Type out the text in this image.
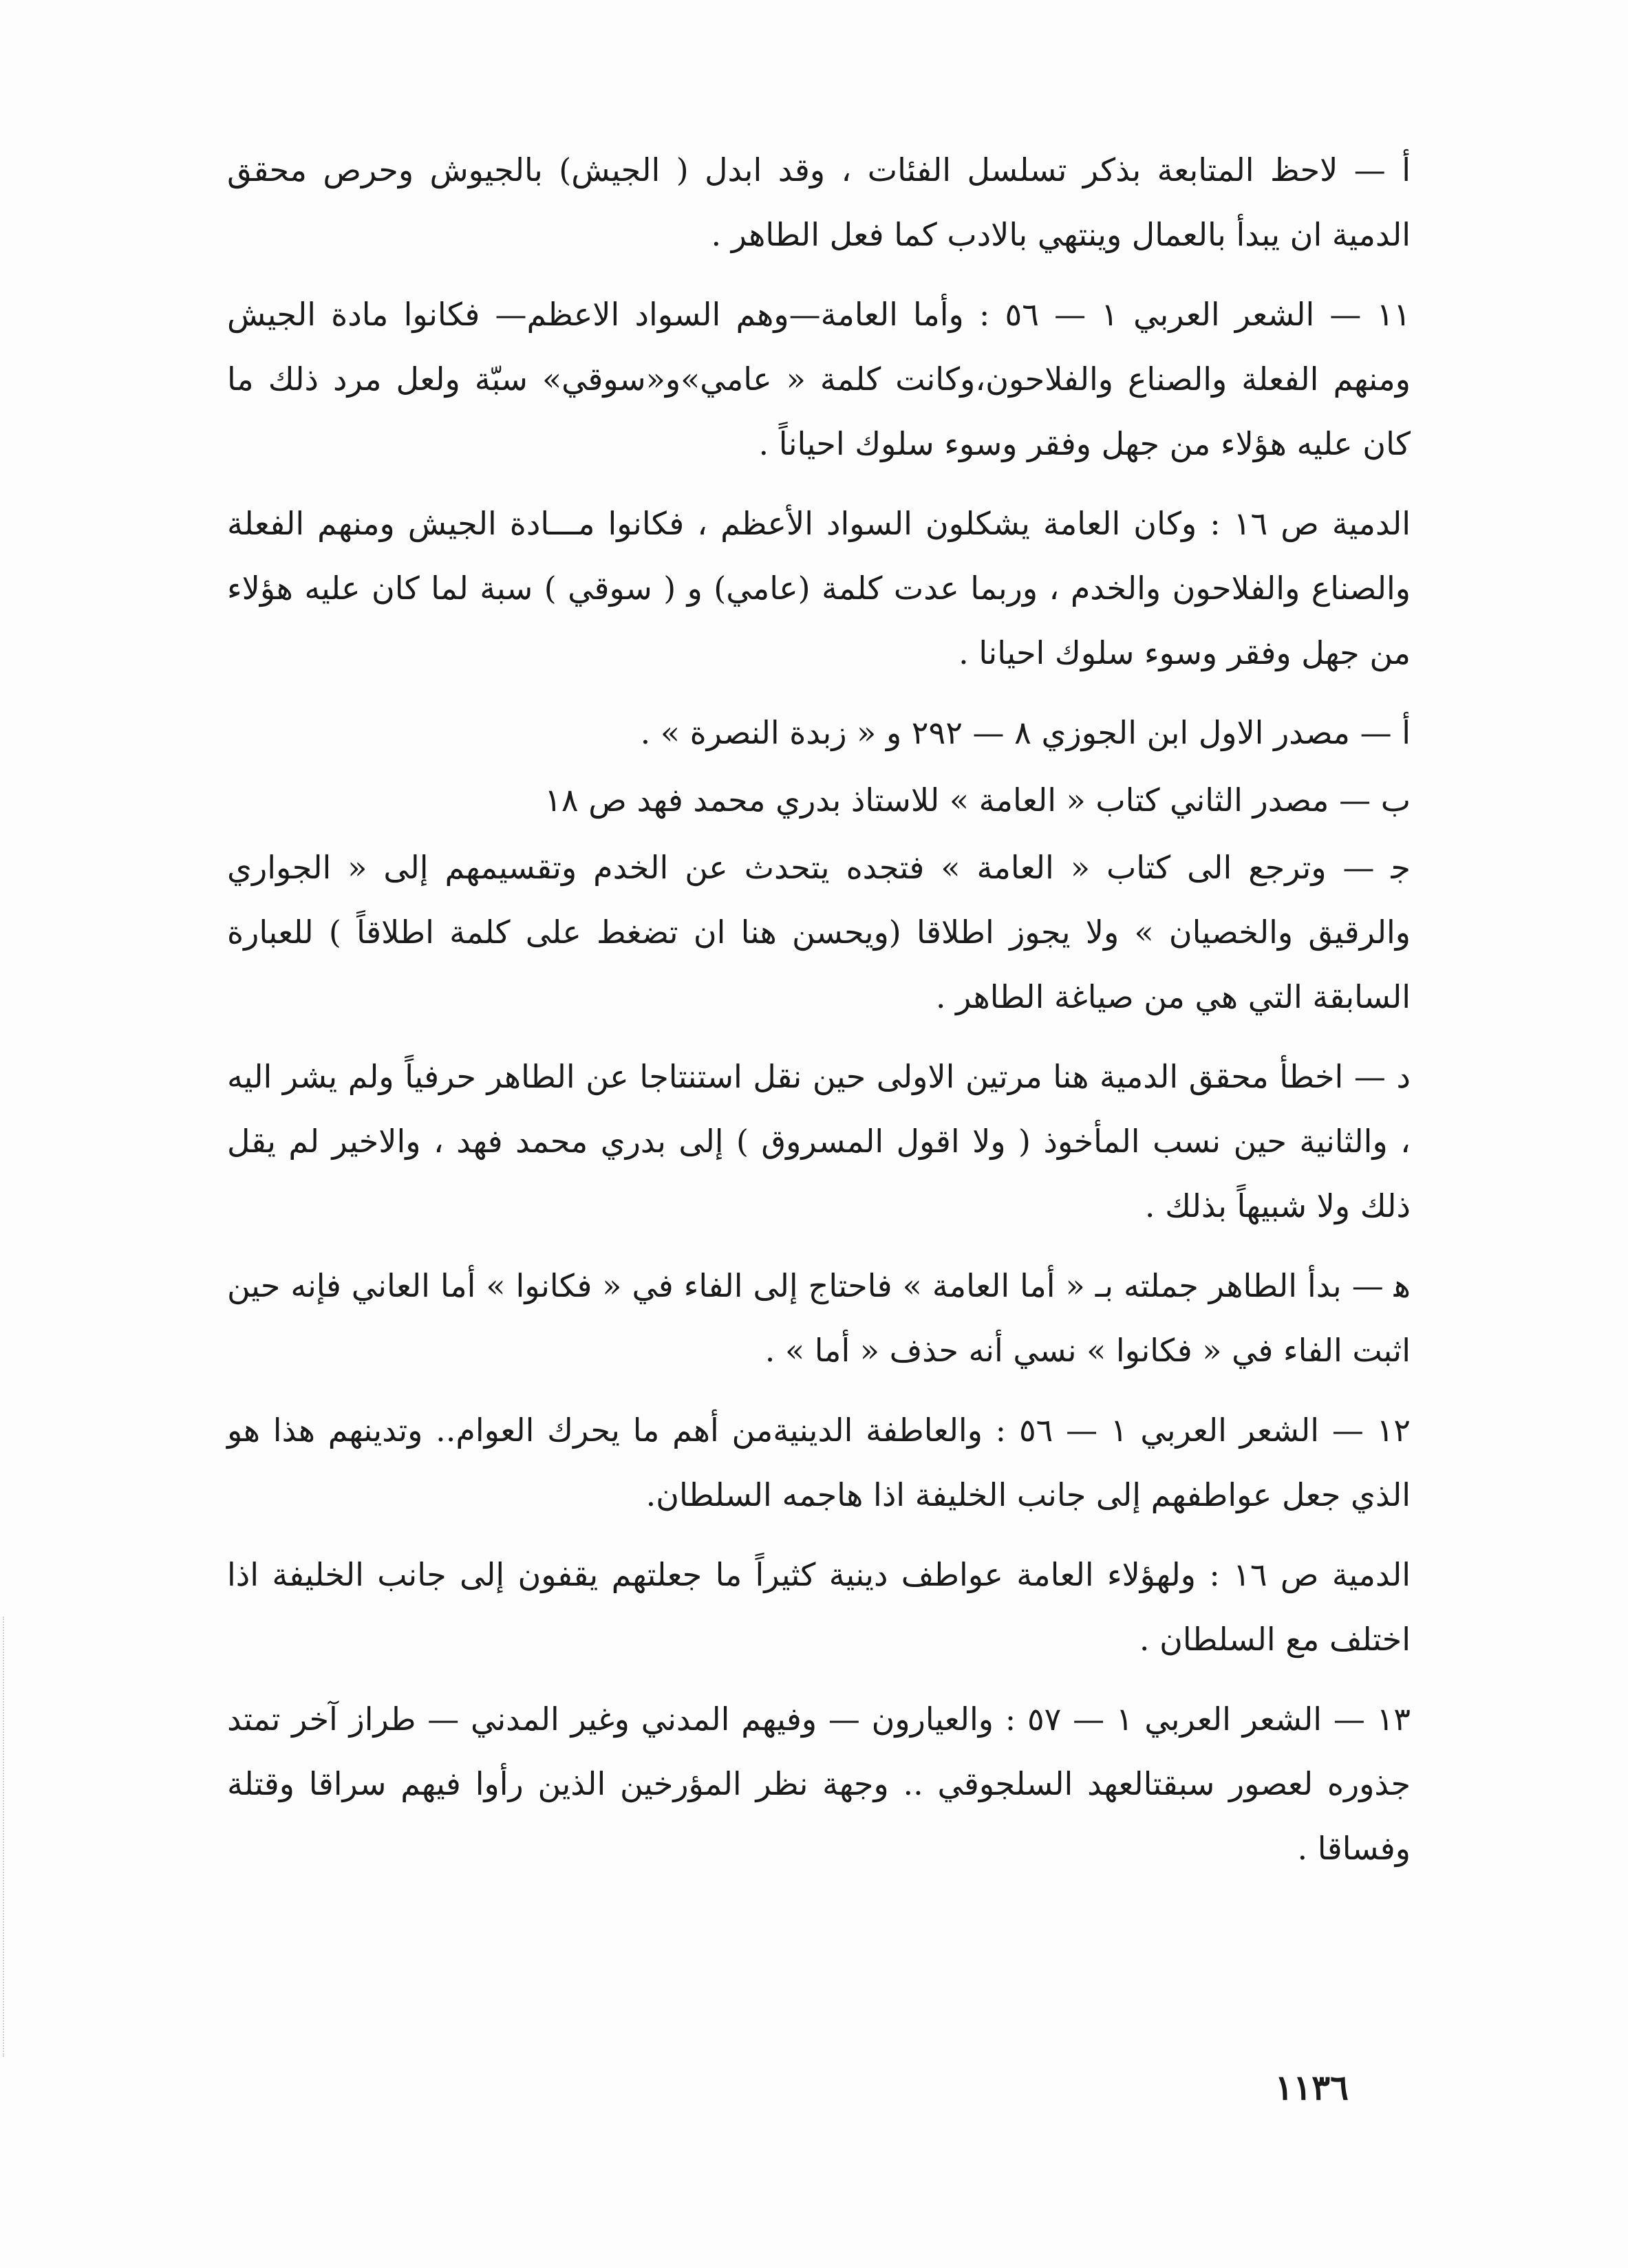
أ — لاحظ المتابعة بذكر تسلسل الفئات ، وقد ابدل ( الجيش) بالجيوش وحرص محقق الدمية ان يبدأ بالعمال وينتهي بالادب كما فعل الطاهر .

١١ — الشعر العربي ١ — ٥٦ : وأما العامة—وهم السواد الاعظم— فكانوا مادة الجيش ومنهم الفعلة والصناع والفلاحون،وكانت كلمة « عامي»و«سوقي» سبّة ولعل مرد ذلك ما كان عليه هؤلاء من جهل وفقر وسوء سلوك احياناً .

الدمية ص ١٦ : وكان العامة يشكلون السواد الأعظم ، فكانوا مـــادة الجيش ومنهم الفعلة والصناع والفلاحون والخدم ، وربما عدت كلمة (عامي) و ( سوقي ) سبة لما كان عليه هؤلاء من جهل وفقر وسوء سلوك احيانا .

أ — مصدر الاول ابن الجوزي ٨ — ٢٩٢ و « زبدة النصرة » .

ب — مصدر الثاني كتاب « العامة » للاستاذ بدري محمد فهد ص ١٨

ﺟ — وترجع الى كتاب « العامة » فتجده يتحدث عن الخدم وتقسيمهم إلى « الجواري والرقيق والخصيان » ولا يجوز اطلاقا (ويحسن هنا ان تضغط على كلمة اطلاقاً ) للعبارة السابقة التي هي من صياغة الطاهر .

د — اخطأ محقق الدمية هنا مرتين الاولى حين نقل استنتاجا عن الطاهر حرفياً ولم يشر اليه ، والثانية حين نسب المأخوذ ( ولا اقول المسروق ) إلى بدري محمد فهد ، والاخير لم يقل ذلك ولا شبيهاً بذلك .

ﻫ — بدأ الطاهر جملته بـ « أما العامة » فاحتاج إلى الفاء في « فكانوا » أما العاني فإنه حين اثبت الفاء في « فكانوا » نسي أنه حذف « أما » .

١٢ — الشعر العربي ١ — ٥٦ : والعاطفة الدينيةمن أهم ما يحرك العوام.. وتدينهم هذا هو الذي جعل عواطفهم إلى جانب الخليفة اذا هاجمه السلطان.

الدمية ص ١٦ : ولهؤلاء العامة عواطف دينية كثيراً ما جعلتهم يقفون إلى جانب الخليفة اذا اختلف مع السلطان .

١٣ — الشعر العربي ١ — ٥٧ : والعيارون — وفيهم المدني وغير المدني — طراز آخر تمتد جذوره لعصور سبقتالعهد السلجوقي .. وجهة نظر المؤرخين الذين رأوا فيهم سراقا وقتلة وفساقا .

١١٣٦
